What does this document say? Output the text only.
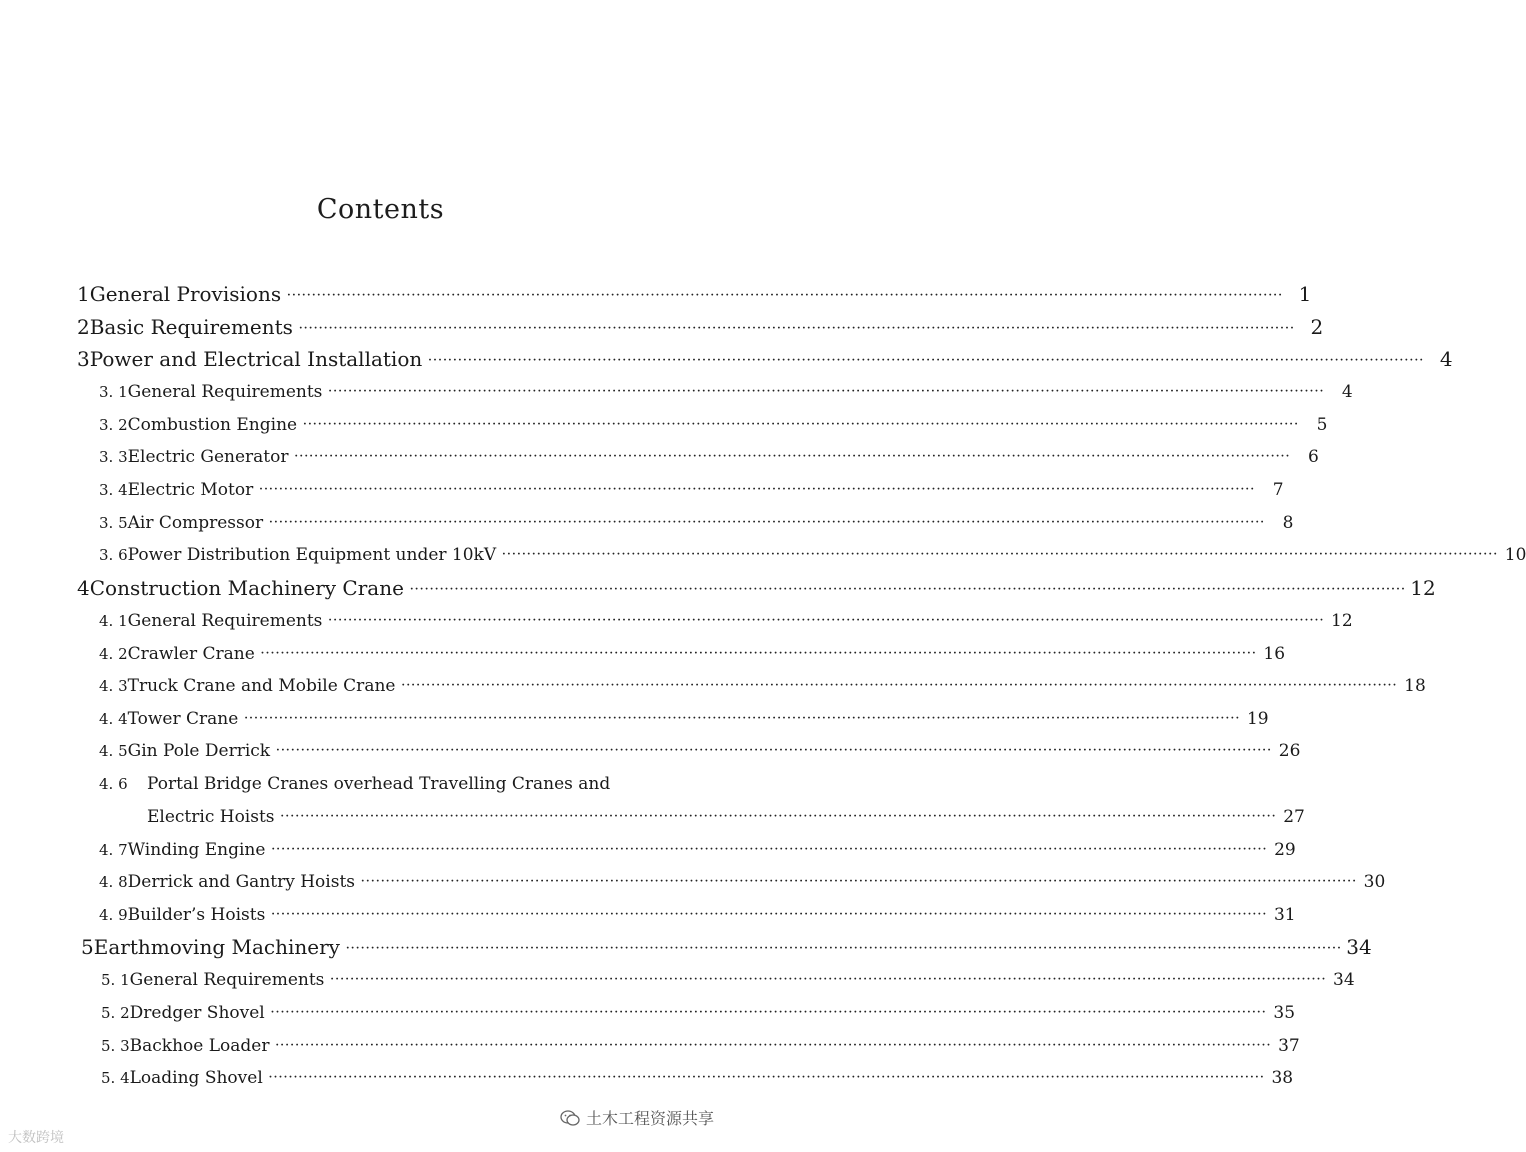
Contents
1 General Provisions ········································································································································································································ 1
2 Basic Requirements ········································································································································································································ 2
3 Power and Electrical Installation ········································································································································································································ 4
3. 1 General Requirements ········································································································································································································	4
3. 2 Combustion Engine ········································································································································································································	5
3. 3 Electric Generator ········································································································································································································	6
3. 4 Electric Motor ········································································································································································································	7
3. 5 Air Compressor ········································································································································································································	8
3. 6 Power Distribution Equipment under 10kV ········································································································································································································ 10
4 Construction Machinery Crane ········································································································································································································ 12
4. 1 General Requirements ········································································································································································································ 12
4. 2 Crawler Crane ········································································································································································································ 16
4. 3 Truck Crane and Mobile Crane ········································································································································································································ 18
4. 4 Tower Crane ········································································································································································································ 19
4. 5 Gin Pole Derrick ········································································································································································································ 26
4. 6	Portal Bridge Cranes overhead Travelling Cranes and
Electric Hoists ········································································································································································································ 27
4. 7 Winding Engine ········································································································································································································ 29
4. 8 Derrick and Gantry Hoists ········································································································································································································ 30
4. 9 Builder’s Hoists ········································································································································································································ 31
5 Earthmoving Machinery ········································································································································································································ 34
5. 1 General Requirements ········································································································································································································ 34
5. 2 Dredger Shovel ········································································································································································································ 35
5. 3 Backhoe Loader ········································································································································································································ 37
5. 4 Loading Shovel ········································································································································································································ 38
大数跨境
土木工程资源共享
